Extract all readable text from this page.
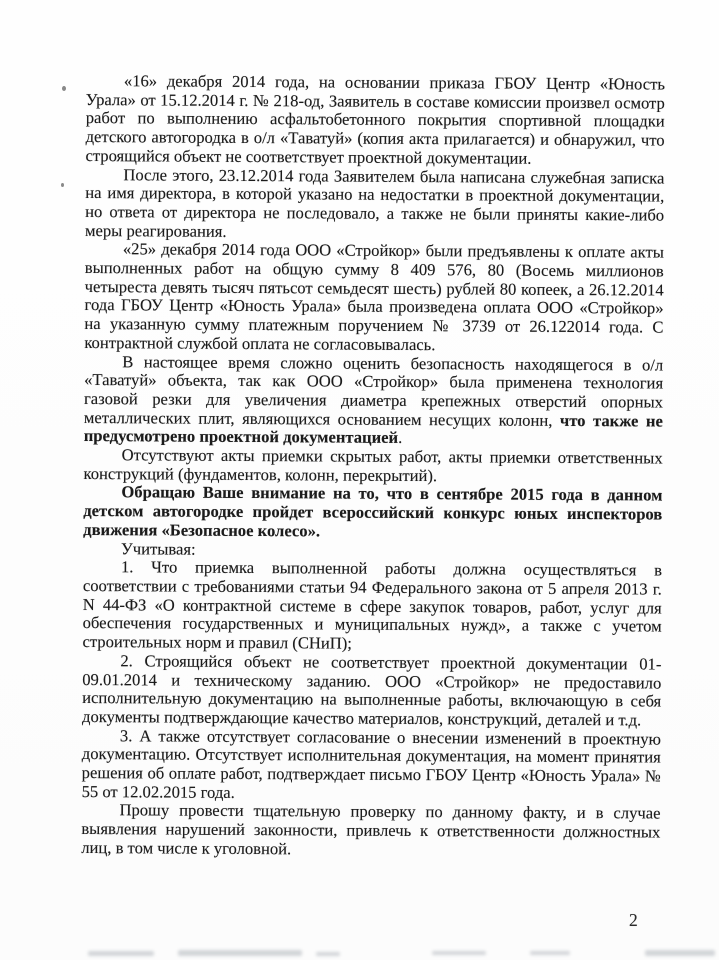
«16» декабря 2014 года, на основании приказа ГБОУ Центр «Юность Урала» от 15.12.2014 г. № 218-од, Заявитель в составе комиссии произвел осмотр работ по выполнению асфальтобетонного покрытия спортивной площадки детского автогородка в о/л «Таватуй» (копия акта прилагается) и обнаружил, что строящийся объект не соответствует проектной документации.

После этого, 23.12.2014 года Заявителем была написана служебная записка на имя директора, в которой указано на недостатки в проектной документации, но ответа от директора не последовало, а также не были приняты какие-либо меры реагирования.

«25» декабря 2014 года ООО «Стройкор» были предъявлены к оплате акты выполненных работ на общую сумму 8 409 576, 80 (Восемь миллионов четыреста девять тысяч пятьсот семьдесят шесть) рублей 80 копеек, а 26.12.2014 года ГБОУ Центр «Юность Урала» была произведена оплата ООО «Стройкор» на указанную сумму платежным поручением № 3739 от 26.122014 года. С контрактной службой оплата не согласовывалась.

В настоящее время сложно оценить безопасность находящегося в о/л «Таватуй» объекта, так как ООО «Стройкор» была применена технология газовой резки для увеличения диаметра крепежных отверстий опорных металлических плит, являющихся основанием несущих колонн, что также не предусмотрено проектной документацией.

Отсутствуют акты приемки скрытых работ, акты приемки ответственных конструкций (фундаментов, колонн, перекрытий).

Обращаю Ваше внимание на то, что в сентябре 2015 года в данном детском автогородке пройдет всероссийский конкурс юных инспекторов движения «Безопасное колесо».

Учитывая:

1. Что приемка выполненной работы должна осуществляться в соответствии с требованиями статьи 94 Федерального закона от 5 апреля 2013 г. N 44-ФЗ «О контрактной системе в сфере закупок товаров, работ, услуг для обеспечения государственных и муниципальных нужд», а также с учетом строительных норм и правил (СНиП);

2. Строящийся объект не соответствует проектной документации 01-09.01.2014 и техническому заданию. ООО «Стройкор» не предоставило исполнительную документацию на выполненные работы, включающую в себя документы подтверждающие качество материалов, конструкций, деталей и т.д.

3. А также отсутствует согласование о внесении изменений в проектную документацию. Отсутствует исполнительная документация, на момент принятия решения об оплате работ, подтверждает письмо ГБОУ Центр «Юность Урала» № 55 от 12.02.2015 года.

Прошу провести тщательную проверку по данному факту, и в случае выявления нарушений законности, привлечь к ответственности должностных лиц, в том числе к уголовной.

2
